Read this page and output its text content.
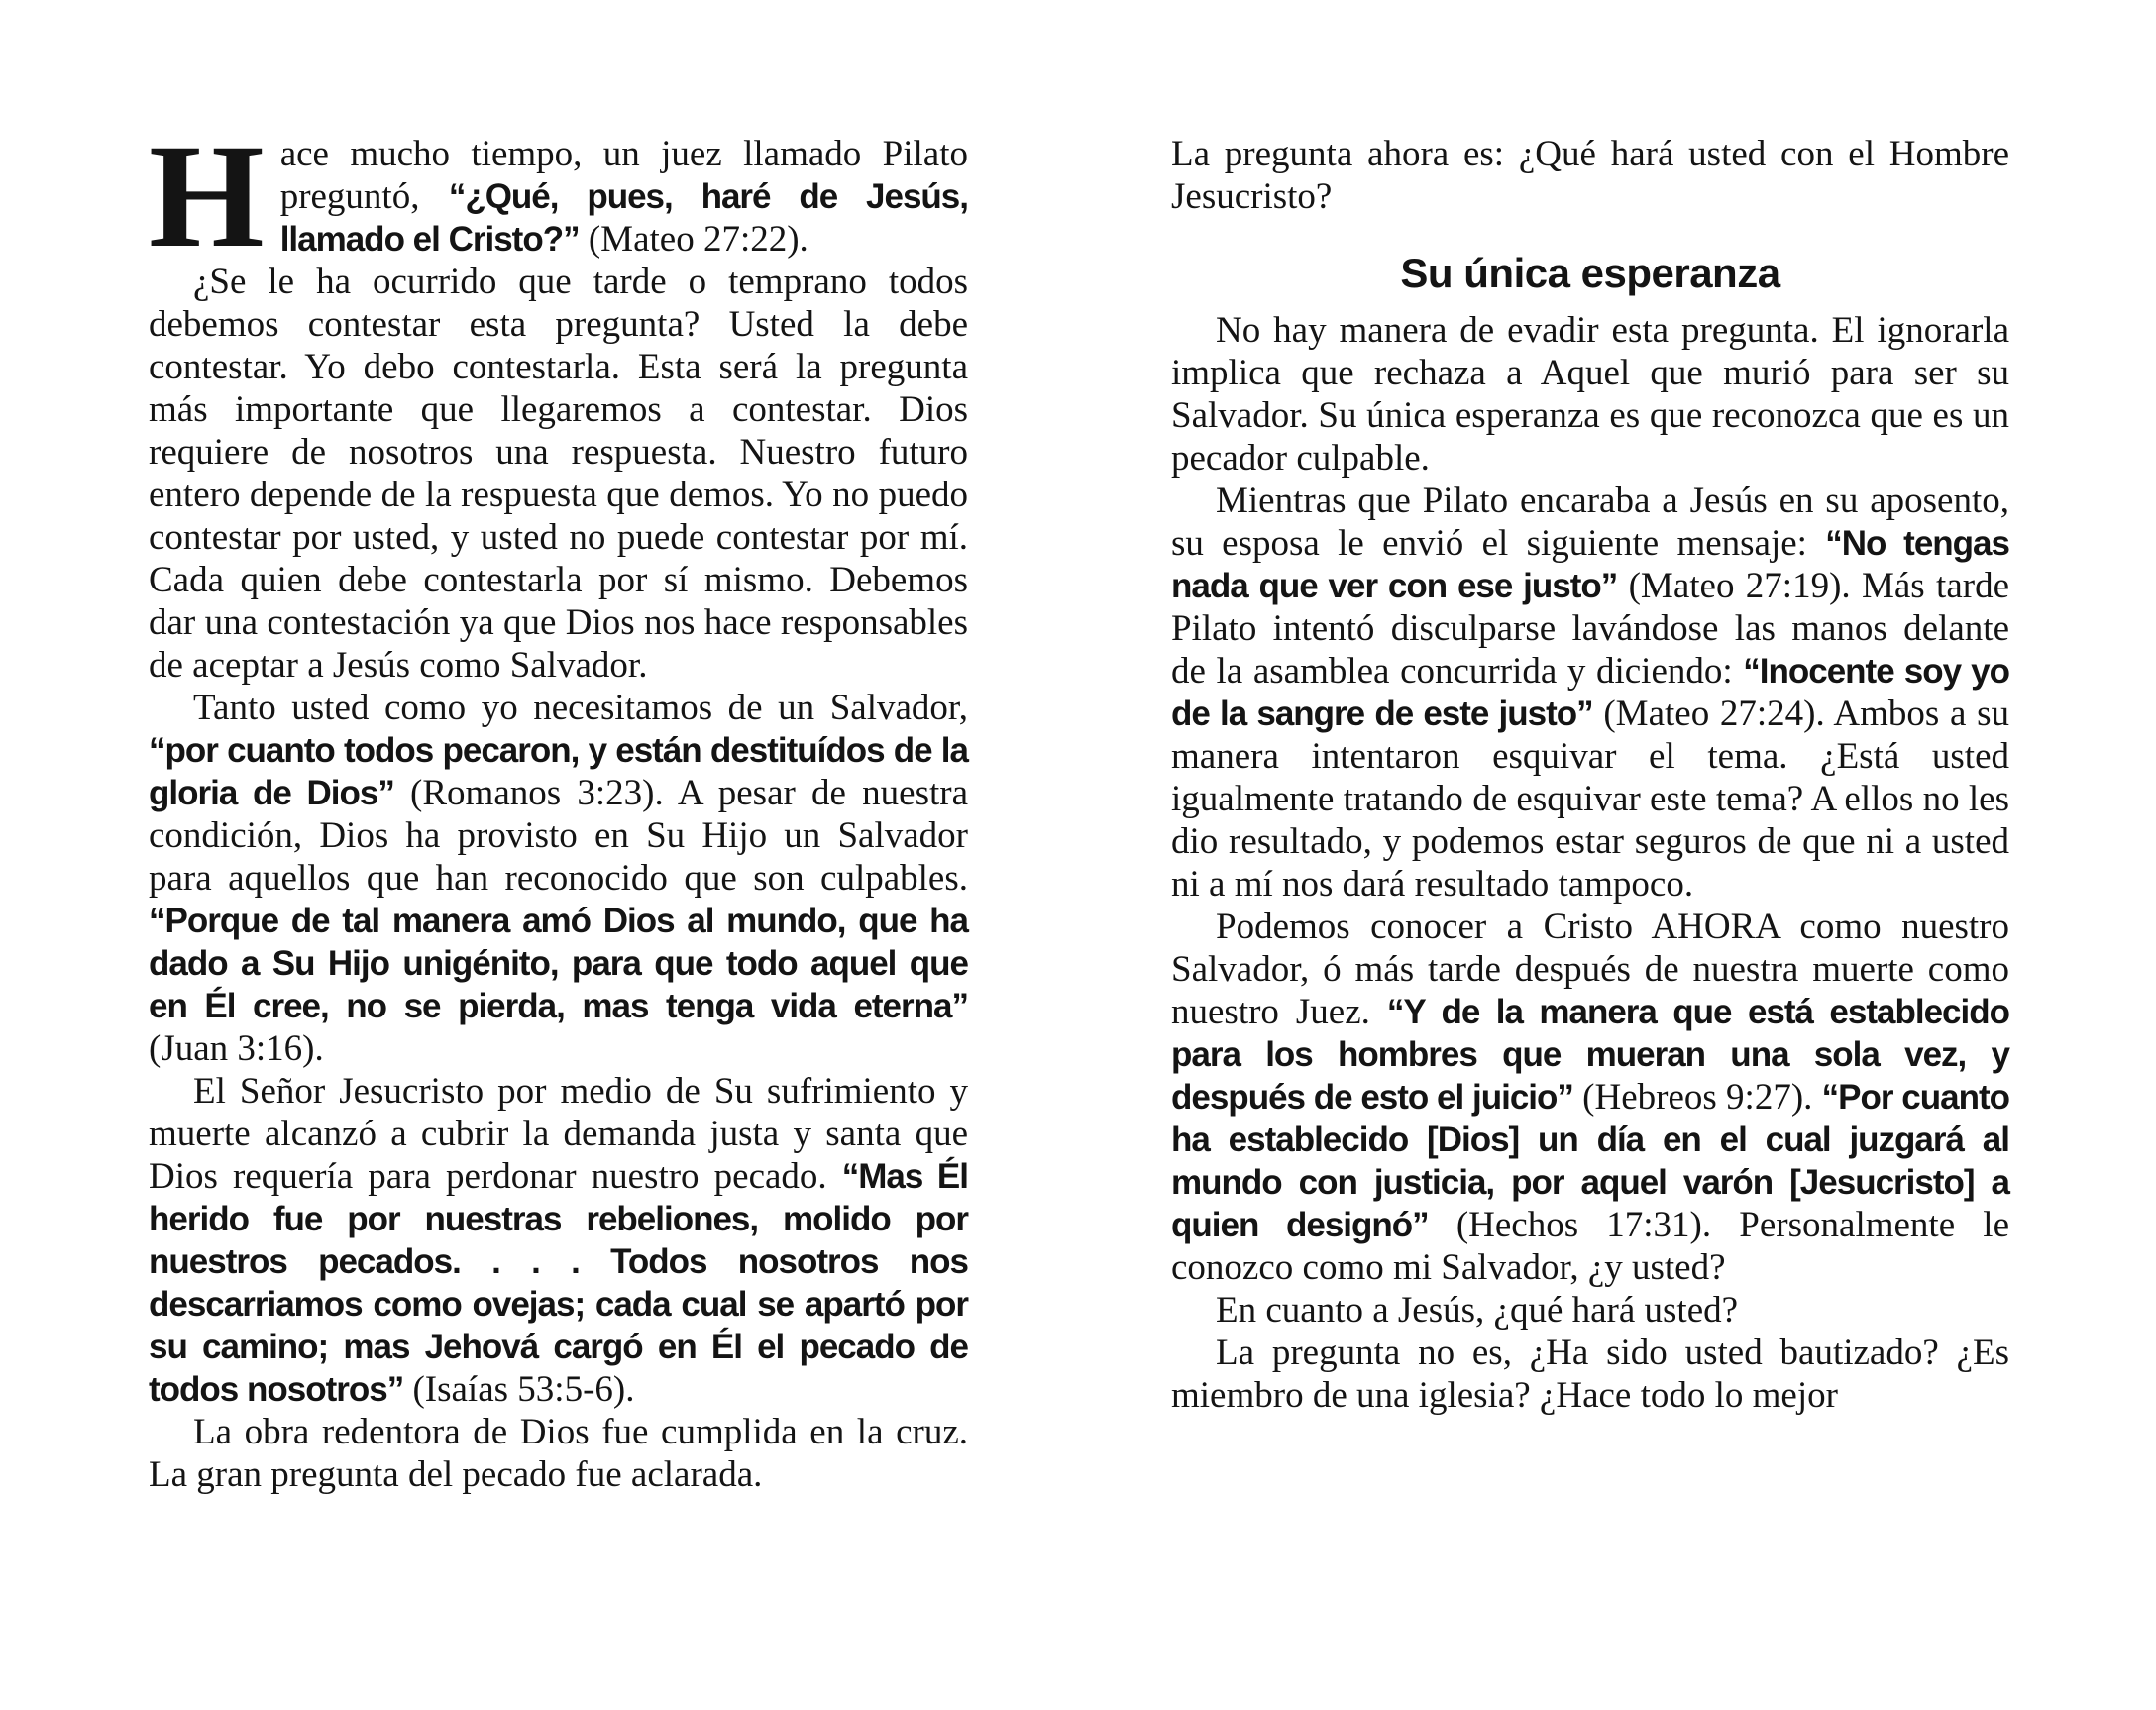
Hace mucho tiempo, un juez llamado Pilato preguntó, “¿Qué, pues, haré de Jesús, llamado el Cristo?” (Mateo 27:22).

¿Se le ha ocurrido que tarde o temprano todos debemos contestar esta pregunta? Usted la debe contestar. Yo debo contestarla. Esta será la pregunta más importante que llegaremos a contestar. Dios requiere de nosotros una respuesta. Nuestro futuro entero depende de la respuesta que demos. Yo no puedo contestar por usted, y usted no puede contestar por mí. Cada quien debe contestarla por sí mismo. Debemos dar una contestación ya que Dios nos hace responsables de aceptar a Jesús como Salvador.

Tanto usted como yo necesitamos de un Salvador, “por cuanto todos pecaron, y están destituídos de la gloria de Dios” (Romanos 3:23). A pesar de nuestra condición, Dios ha provisto en Su Hijo un Salvador para aquellos que han reconocido que son culpables. “Porque de tal manera amó Dios al mundo, que ha dado a Su Hijo unigénito, para que todo aquel que en Él cree, no se pierda, mas tenga vida eterna” (Juan 3:16).

El Señor Jesucristo por medio de Su sufrimiento y muerte alcanzó a cubrir la demanda justa y santa que Dios requería para perdonar nuestro pecado. “Mas Él herido fue por nuestras rebeliones, molido por nuestros pecados. . . . Todos nosotros nos descarriamos como ovejas; cada cual se apartó por su camino; mas Jehová cargó en Él el pecado de todos nosotros” (Isaías 53:5-6).

La obra redentora de Dios fue cumplida en la cruz. La gran pregunta del pecado fue aclarada.

La pregunta ahora es: ¿Qué hará usted con el Hombre Jesucristo?

Su única esperanza

No hay manera de evadir esta pregunta. El ignorarla implica que rechaza a Aquel que murió para ser su Salvador. Su única esperanza es que reconozca que es un pecador culpable.

Mientras que Pilato encaraba a Jesús en su aposento, su esposa le envió el siguiente mensaje: “No tengas nada que ver con ese justo” (Mateo 27:19). Más tarde Pilato intentó disculparse lavándose las manos delante de la asamblea concurrida y diciendo: “Inocente soy yo de la sangre de este justo” (Mateo 27:24). Ambos a su manera intentaron esquivar el tema. ¿Está usted igualmente tratando de esquivar este tema? A ellos no les dio resultado, y podemos estar seguros de que ni a usted ni a mí nos dará resultado tampoco.

Podemos conocer a Cristo AHORA como nuestro Salvador, ó más tarde después de nuestra muerte como nuestro Juez. “Y de la manera que está establecido para los hombres que mueran una sola vez, y después de esto el juicio” (Hebreos 9:27). “Por cuanto ha establecido [Dios] un día en el cual juzgará al mundo con justicia, por aquel varón [Jesucristo] a quien designó” (Hechos 17:31). Personalmente le conozco como mi Salvador, ¿y usted?

En cuanto a Jesús, ¿qué hará usted?

La pregunta no es, ¿Ha sido usted bautizado? ¿Es miembro de una iglesia? ¿Hace todo lo mejor
